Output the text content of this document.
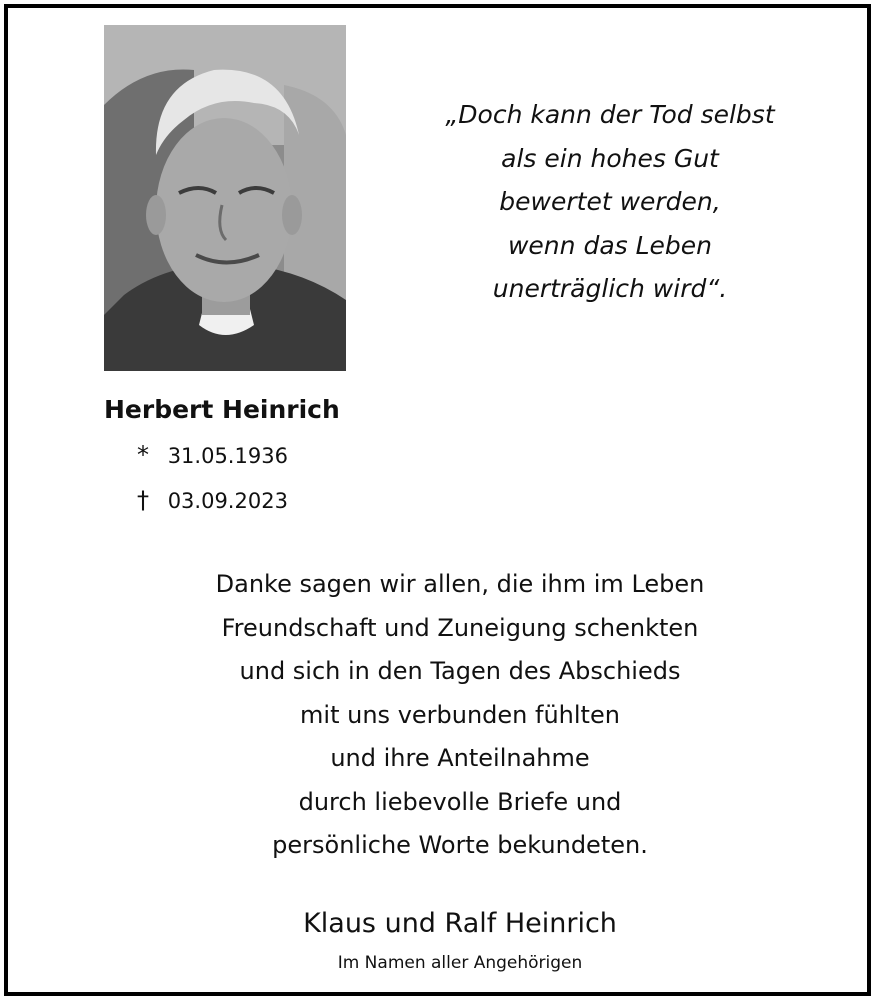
„Doch kann der Tod selbst
als ein hohes Gut
bewertet werden,
wenn das Leben
unerträglich wird“.
Herbert Heinrich
* 31.05.1936
† 03.09.2023
Danke sagen wir allen, die ihm im Leben
Freundschaft und Zuneigung schenkten
und sich in den Tagen des Abschieds
mit uns verbunden fühlten
und ihre Anteilnahme
durch liebevolle Briefe und
persönliche Worte bekundeten.
Klaus und Ralf Heinrich
Im Namen aller Angehörigen
